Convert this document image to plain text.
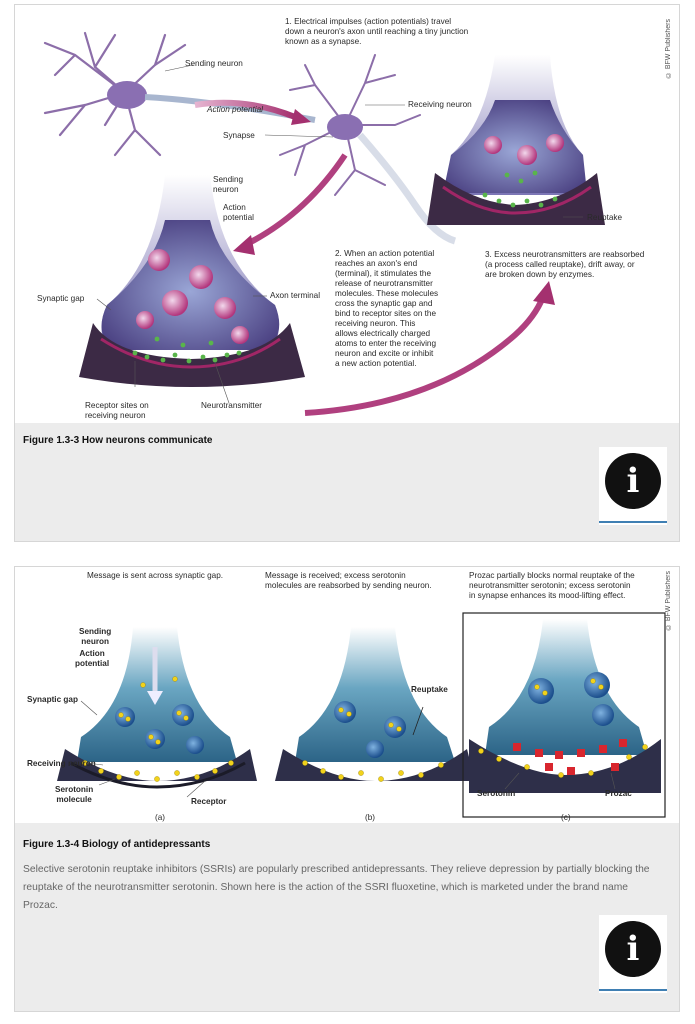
1. Electrical impulses (action potentials) travel
down a neuron's axon until reaching a tiny junction
known as a synapse.
Sending neuron
Action potential
Receiving neuron
Synapse
Sending
neuron
Action
potential
Synaptic gap	Axon terminal
Receptor sites on
receiving neuron
Neurotransmitter
Reuptake
2. When an action potential
reaches an axon's end
(terminal), it stimulates the
release of neurotransmitter
molecules. These molecules
cross the synaptic gap and
bind to receptor sites on the
receiving neuron. This
allows electrically charged
atoms to enter the receiving
neuron and excite or inhibit
a new action potential.
3. Excess neurotransmitters are reabsorbed
(a process called reuptake), drift away, or
are broken down by enzymes.
© BFW Publishers
Figure 1.3-3 How neurons communicate
i
Message is sent across synaptic gap.	Message is received; excess serotonin
molecules are reabsorbed by sending neuron.
Prozac partially blocks normal reuptake of the
neurotransmitter serotonin; excess serotonin
in synapse enhances its mood-lifting effect.
Sending
neuron
Action
potential
Synaptic gap
Receiving neuron
Serotonin
molecule	Receptor
Reuptake
Serotonin	Prozac
(a)	(b)	(c)
© BFW Publishers
Figure 1.3-4 Biology of antidepressants
Selective serotonin reuptake inhibitors (SSRIs) are popularly prescribed antidepressants. They relieve depression by partially blocking the reuptake of the neurotransmitter serotonin. Shown here is the action of the SSRI fluoxetine, which is marketed under the brand name Prozac.
i
